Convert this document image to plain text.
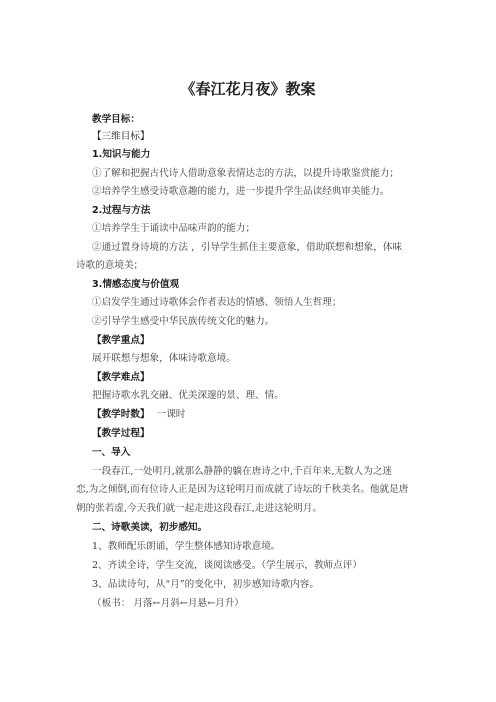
《春江花月夜》教案
教学目标：
【三维目标】
1.知识与能力
①了解和把握古代诗人借助意象表情达志的方法，以提升诗歌鉴赏能力；
②培养学生感受诗歌意趣的能力，进一步提升学生品读经典审美能力。
2.过程与方法
①培养学生于诵读中品味声韵的能力；
②通过置身诗境的方法 ，引导学生抓住主要意象，借助联想和想象，体味
诗歌的意境美；
3.情感态度与价值观
①启发学生通过诗歌体会作者表达的情感、领悟人生哲理；
②引导学生感受中华民族传统文化的魅力。
【教学重点】
展开联想与想象，体味诗歌意境。
【教学难点】
把握诗歌水乳交融、优美深邃的景、理、情。
【教学时数】 一课时
【教学过程】
一、导入
一段春江,一处明月,就那么静静的躺在唐诗之中,千百年来,无数人为之迷
恋,为之倾倒,而有位诗人正是因为这轮明月而成就了诗坛的千秋美名。他就是唐
朝的张若虚,今天我们就一起走进这段春江,走进这轮明月。
二、诗歌美读，初步感知。
1、教师配乐朗诵，学生整体感知诗歌意境。
2、齐读全诗，学生交流，谈阅读感受。（学生展示，教师点评）
3、品读诗句，从“月”的变化中，初步感知诗歌内容。
（板书： 月落←月斜←月悬←月升）
